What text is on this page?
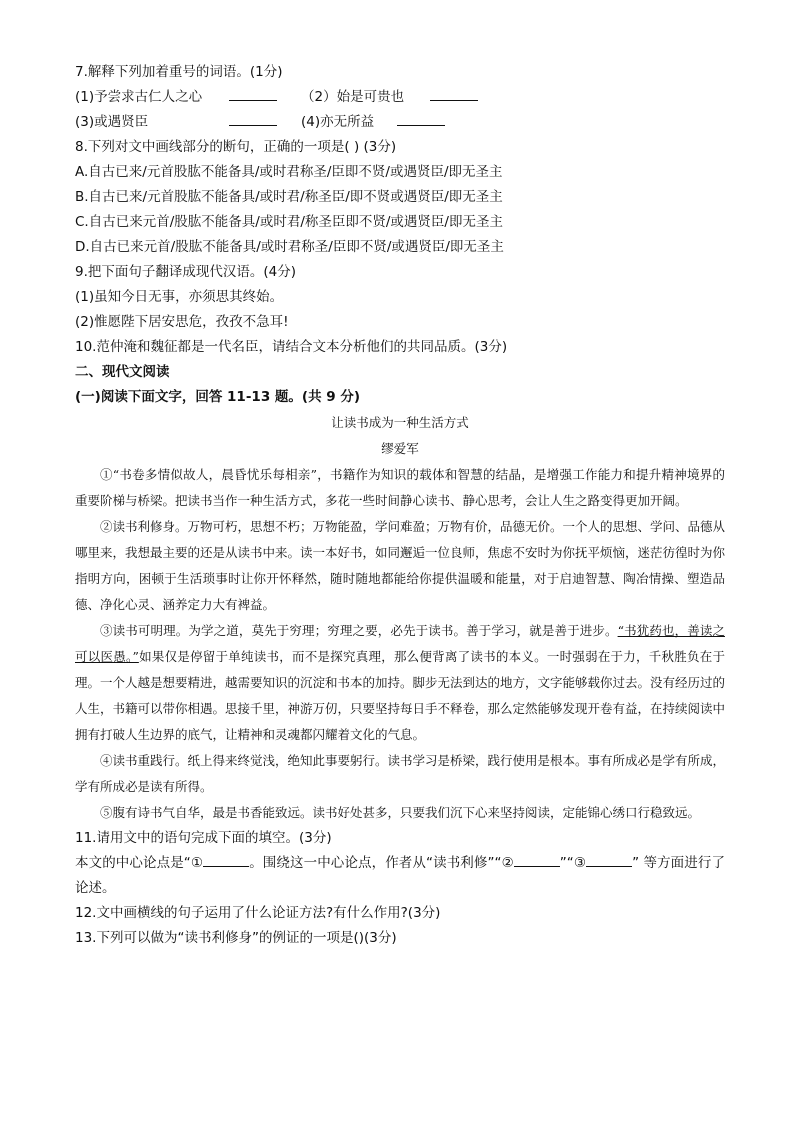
7.解释下列加着重号的词语。(1分)
(1)予尝求古仁人之心	（2）始是可贵也
(3)或遇贤臣	(4)亦无所益
8.下列对文中画线部分的断句，正确的一项是( ) (3分)
A.自古已来/元首股肱不能备具/或时君称圣/臣即不贤/或遇贤臣/即无圣主
B.自古已来/元首股肱不能备具/或时君/称圣臣/即不贤或遇贤臣/即无圣主
C.自古已来元首/股肱不能备具/或时君/称圣臣即不贤/或遇贤臣/即无圣主
D.自古已来元首/股肱不能备具/或时君称圣/臣即不贤/或遇贤臣/即无圣主
9.把下面句子翻译成现代汉语。(4分)
(1)虽知今日无事，亦须思其终始。
(2)惟愿陛下居安思危，孜孜不急耳!
10.范仲淹和魏征都是一代名臣，请结合文本分析他们的共同品质。(3分)
二、现代文阅读
(一)阅读下面文字，回答 11-13 题。(共 9 分)

让读书成为一种生活方式

缪爱军

①“书卷多情似故人，晨昏忧乐每相亲”，书籍作为知识的载体和智慧的结晶，是增强工作能力和提升精神境界的重要阶梯与桥梁。把读书当作一种生活方式，多花一些时间静心读书、静心思考，会让人生之路变得更加开阔。

②读书利修身。万物可朽，思想不朽；万物能盈，学问难盈；万物有价，品德无价。一个人的思想、学问、品德从哪里来，我想最主要的还是从读书中来。读一本好书，如同邂逅一位良师，焦虑不安时为你抚平烦恼，迷茫彷徨时为你指明方向，困顿于生活琐事时让你开怀释然，随时随地都能给你提供温暖和能量，对于启迪智慧、陶冶情操、塑造品德、净化心灵、涵养定力大有裨益。

③读书可明理。为学之道，莫先于穷理；穷理之要，必先于读书。善于学习，就是善于进步。“书犹药也，善读之可以医愚。”如果仅是停留于单纯读书，而不是探究真理，那么便背离了读书的本义。一时强弱在于力，千秋胜负在于理。一个人越是想要精进，越需要知识的沉淀和书本的加持。脚步无法到达的地方，文字能够载你过去。没有经历过的人生，书籍可以带你相遇。思接千里，神游万仞，只要坚持每日手不释卷，那么定然能够发现开卷有益，在持续阅读中拥有打破人生边界的底气，让精神和灵魂都闪耀着文化的气息。

④读书重践行。纸上得来终觉浅，绝知此事要躬行。读书学习是桥梁，践行使用是根本。事有所成必是学有所成，学有所成必是读有所得。

⑤腹有诗书气自华，最是书香能致远。读书好处甚多，只要我们沉下心来坚持阅读，定能锦心绣口行稳致远。

11.请用文中的语句完成下面的填空。(3分)
本文的中心论点是“①	。围绕这一中心论点，作者从“读书利修”“②	”“③	” 等方面进行了论述。
12.文中画横线的句子运用了什么论证方法?有什么作用?(3分)
13.下列可以做为“读书利修身”的例证的一项是()(3分)
